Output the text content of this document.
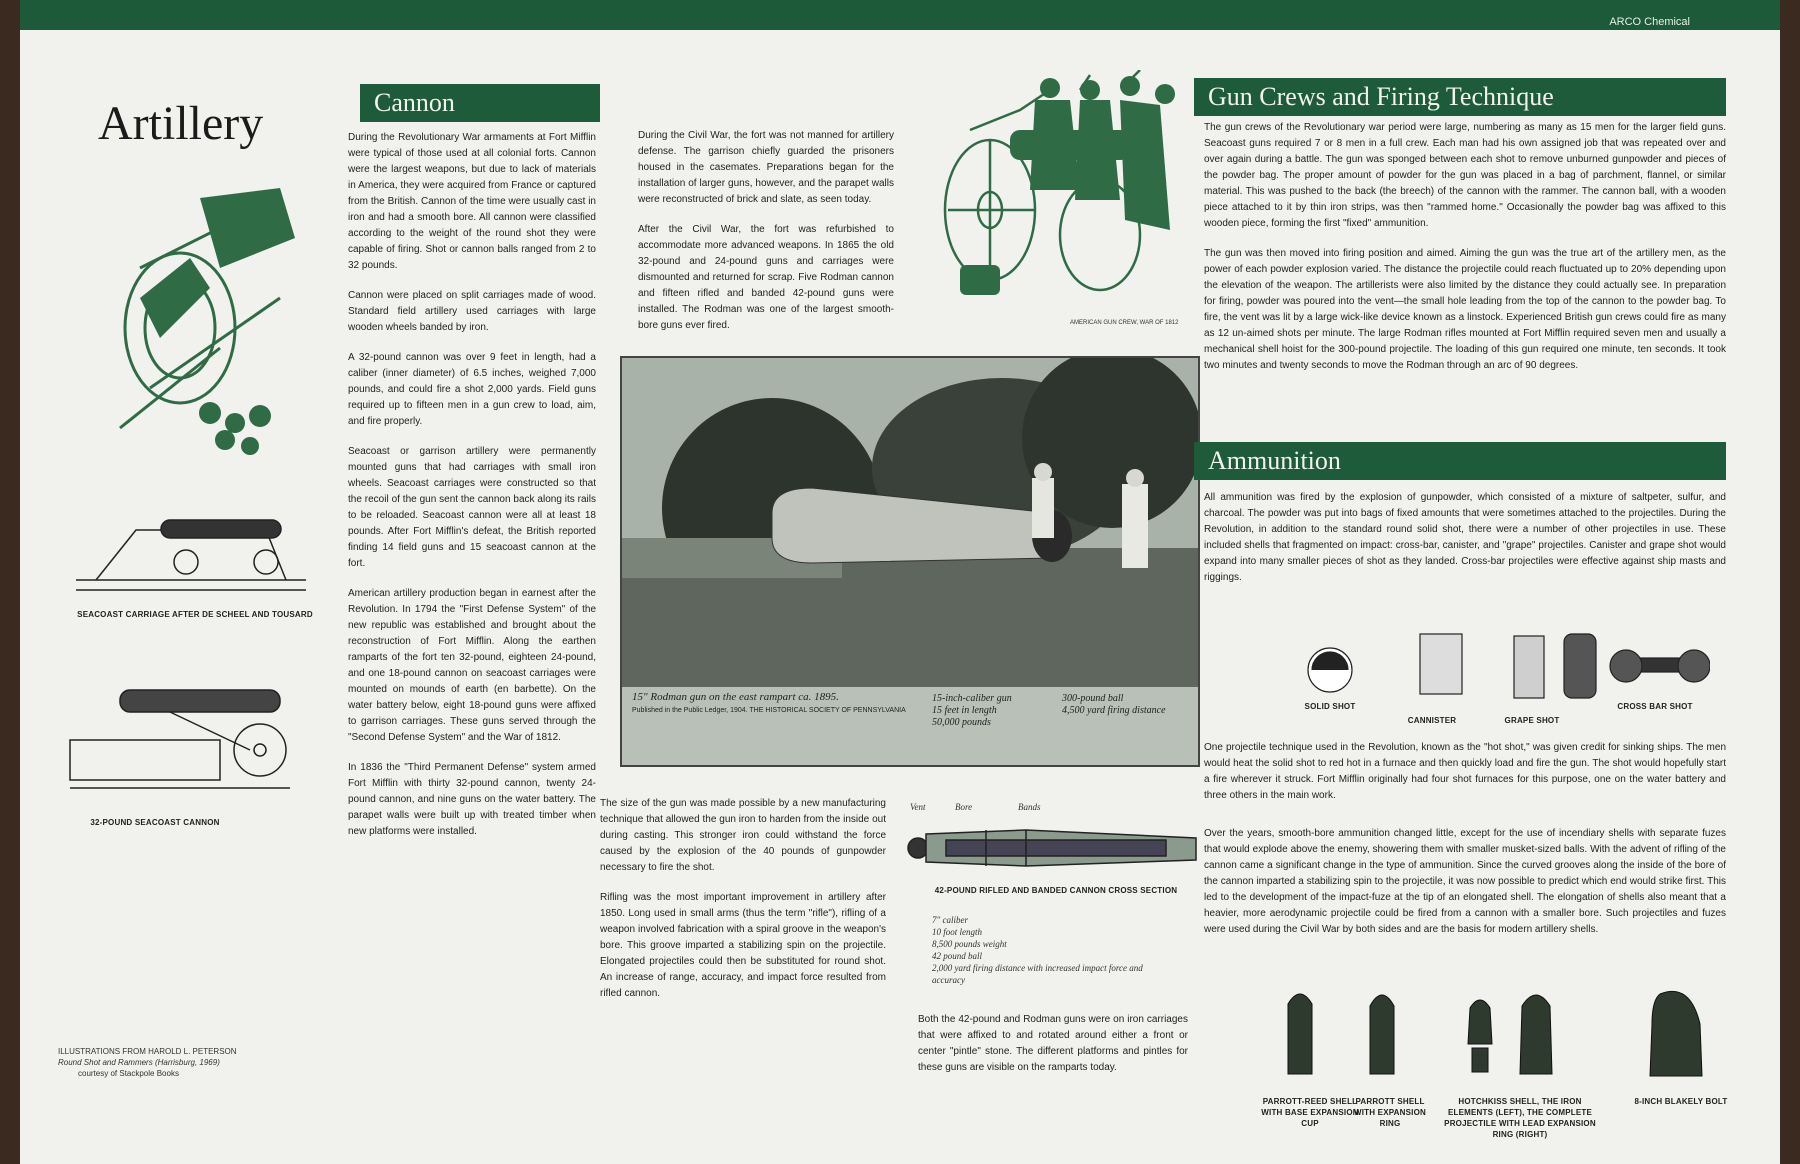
ARCO Chemical
Artillery
SEACOAST CARRIAGE AFTER DE SCHEEL AND TOUSARD
32-POUND SEACOAST CANNON
ILLUSTRATIONS FROM HAROLD L. PETERSON
Round Shot and Rammers (Harrisburg, 1969)
courtesy of Stackpole Books
Cannon

During the Revolutionary War armaments at Fort Mifflin were typical of those used at all colonial forts. Cannon were the largest weapons, but due to lack of materials in America, they were acquired from France or captured from the British. Cannon of the time were usually cast in iron and had a smooth bore. All cannon were classified according to the weight of the round shot they were capable of firing. Shot or cannon balls ranged from 2 to 32 pounds.

Cannon were placed on split carriages made of wood. Standard field artillery used carriages with large wooden wheels banded by iron.

A 32-pound cannon was over 9 feet in length, had a caliber (inner diameter) of 6.5 inches, weighed 7,000 pounds, and could fire a shot 2,000 yards. Field guns required up to fifteen men in a gun crew to load, aim, and fire properly.

Seacoast or garrison artillery were permanently mounted guns that had carriages with small iron wheels. Seacoast carriages were constructed so that the recoil of the gun sent the cannon back along its rails to be reloaded. Seacoast cannon were all at least 18 pounds. After Fort Mifflin's defeat, the British reported finding 14 field guns and 15 seacoast cannon at the fort.

American artillery production began in earnest after the Revolution. In 1794 the "First Defense System" of the new republic was established and brought about the reconstruction of Fort Mifflin. Along the earthen ramparts of the fort ten 32-pound, eighteen 24-pound, and one 18-pound cannon on seacoast carriages were mounted on mounds of earth (en barbette). On the water battery below, eight 18-pound guns were affixed to garrison carriages. These guns served through the "Second Defense System" and the War of 1812.

In 1836 the "Third Permanent Defense" system armed Fort Mifflin with thirty 32-pound cannon, twenty 24-pound cannon, and nine guns on the water battery. The parapet walls were built up with treated timber when new platforms were installed.

During the Civil War, the fort was not manned for artillery defense. The garrison chiefly guarded the prisoners housed in the casemates. Preparations began for the installation of larger guns, however, and the parapet walls were reconstructed of brick and slate, as seen today.

After the Civil War, the fort was refurbished to accommodate more advanced weapons. In 1865 the old 32-pound and 24-pound guns and carriages were dismounted and returned for scrap. Five Rodman cannon and fifteen rifled and banded 42-pound guns were installed. The Rodman was one of the largest smooth-bore guns ever fired.	AMERICAN GUN CREW, WAR OF 1812
15" Rodman gun on the east rampart ca. 1895.
Published in the Public Ledger, 1904. THE HISTORICAL SOCIETY OF PENNSYLVANIA
15-inch-caliber gun
15 feet in length
50,000 pounds
300-pound ball
4,500 yard firing distance

The size of the gun was made possible by a new manufacturing technique that allowed the gun iron to harden from the inside out during casting. This stronger iron could withstand the force caused by the explosion of the 40 pounds of gunpowder necessary to fire the shot.

Rifling was the most important improvement in artillery after 1850. Long used in small arms (thus the term "rifle"), rifling of a weapon involved fabrication with a spiral groove in the weapon's bore. This groove imparted a stabilizing spin on the projectile. Elongated projectiles could then be substituted for round shot. An increase of range, accuracy, and impact force resulted from rifled cannon.

Vent	Bore	Bands
42-POUND RIFLED AND BANDED CANNON CROSS SECTION
7" caliber
10 foot length
8,500 pounds weight
42 pound ball
2,000 yard firing distance with increased impact force and accuracy
Both the 42-pound and Rodman guns were on iron carriages that were affixed to and rotated around either a front or center "pintle" stone. The different platforms and pintles for these guns are visible on the ramparts today.
Gun Crews and Firing Technique

The gun crews of the Revolutionary war period were large, numbering as many as 15 men for the larger field guns. Seacoast guns required 7 or 8 men in a full crew. Each man had his own assigned job that was repeated over and over again during a battle. The gun was sponged between each shot to remove unburned gunpowder and pieces of the powder bag. The proper amount of powder for the gun was placed in a bag of parchment, flannel, or similar material. This was pushed to the back (the breech) of the cannon with the rammer. The cannon ball, with a wooden piece attached to it by thin iron strips, was then "rammed home." Occasionally the powder bag was affixed to this wooden piece, forming the first "fixed" ammunition.

The gun was then moved into firing position and aimed. Aiming the gun was the true art of the artillery men, as the power of each powder explosion varied. The distance the projectile could reach fluctuated up to 20% depending upon the elevation of the weapon. The artillerists were also limited by the distance they could actually see. In preparation for firing, powder was poured into the vent—the small hole leading from the top of the cannon to the powder bag. To fire, the vent was lit by a large wick-like device known as a linstock. Experienced British gun crews could fire as many as 12 un-aimed shots per minute. The large Rodman rifles mounted at Fort Mifflin required seven men and usually a mechanical shell hoist for the 300-pound projectile. The loading of this gun required one minute, ten seconds. It took two minutes and twenty seconds to move the Rodman through an arc of 90 degrees.

Ammunition
All ammunition was fired by the explosion of gunpowder, which consisted of a mixture of saltpeter, sulfur, and charcoal. The powder was put into bags of fixed amounts that were sometimes attached to the projectiles. During the Revolution, in addition to the standard round solid shot, there were a number of other projectiles in use. These included shells that fragmented on impact: cross-bar, canister, and "grape" projectiles. Canister and grape shot would expand into many smaller pieces of shot as they landed. Cross-bar projectiles were effective against ship masts and riggings.
SOLID SHOT
CANNISTER	GRAPE SHOT
CROSS BAR SHOT
One projectile technique used in the Revolution, known as the "hot shot," was given credit for sinking ships. The men would heat the solid shot to red hot in a furnace and then quickly load and fire the gun. The shot would hopefully start a fire wherever it struck. Fort Mifflin originally had four shot furnaces for this purpose, one on the water battery and three others in the main work.
Over the years, smooth-bore ammunition changed little, except for the use of incendiary shells with separate fuzes that would explode above the enemy, showering them with smaller musket-sized balls. With the advent of rifling of the cannon came a significant change in the type of ammunition. Since the curved grooves along the inside of the bore of the cannon imparted a stabilizing spin to the projectile, it was now possible to predict which end would strike first. This led to the development of the impact-fuze at the tip of an elongated shell. The elongation of shells also meant that a heavier, more aerodynamic projectile could be fired from a cannon with a smaller bore. Such projectiles and fuzes were used during the Civil War by both sides and are the basis for modern artillery shells.
PARROTT-REED SHELL WITH BASE EXPANSION CUP
PARROTT SHELL WITH EXPANSION RING
HOTCHKISS SHELL, THE IRON ELEMENTS (LEFT), THE COMPLETE PROJECTILE WITH LEAD EXPANSION RING (RIGHT)
8-INCH BLAKELY BOLT
